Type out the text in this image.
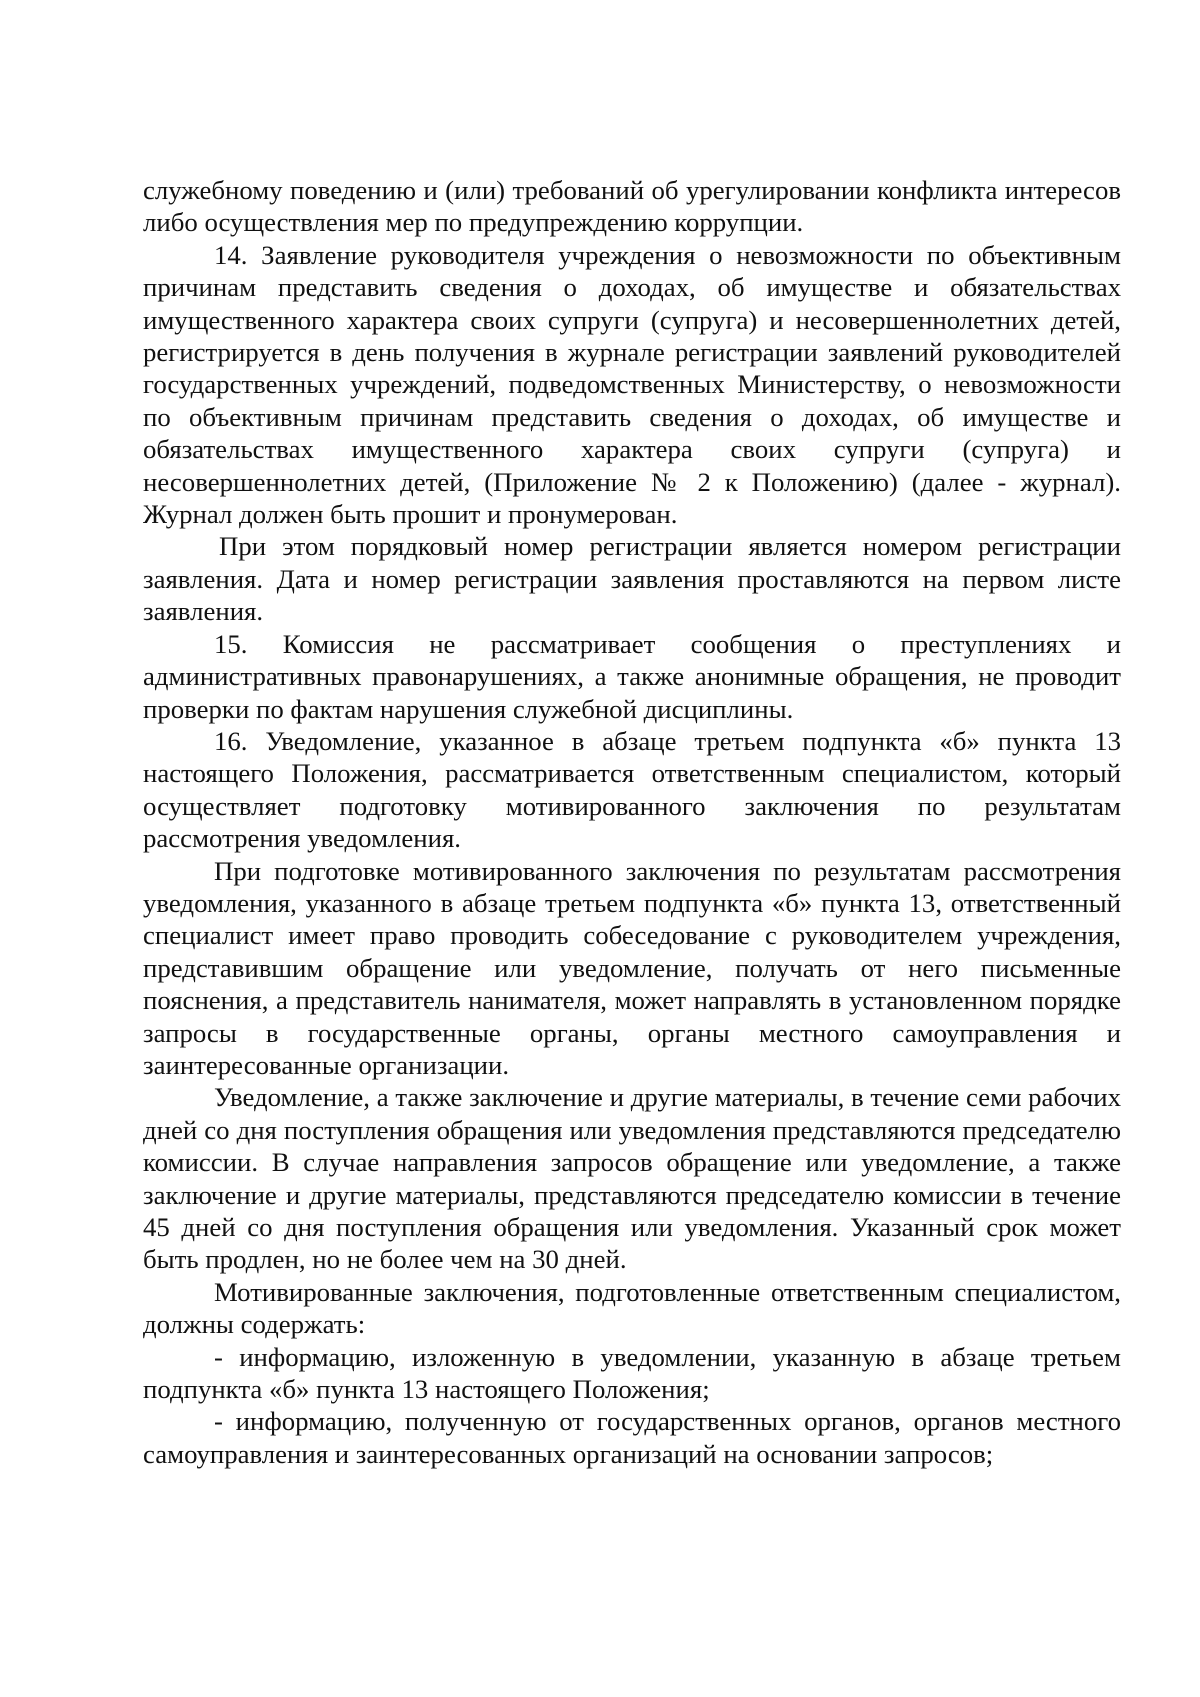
служебному поведению и (или) требований об урегулировании конфликта интересов либо осуществления мер по предупреждению коррупции.

14. Заявление руководителя учреждения о невозможности по объективным причинам представить сведения о доходах, об имуществе и обязательствах имущественного характера своих супруги (супруга) и несовершеннолетних детей, регистрируется в день получения в журнале регистрации заявлений руководителей государственных учреждений, подведомственных Министерству, о невозможности по объективным причинам представить сведения о доходах, об имуществе и обязательствах имущественного характера своих супруги (супруга) и несовершеннолетних детей, (Приложение № 2 к Положению) (далее - журнал). Журнал должен быть прошит и пронумерован.

При этом порядковый номер регистрации является номером регистрации заявления. Дата и номер регистрации заявления проставляются на первом листе заявления.

15. Комиссия не рассматривает сообщения о преступлениях и административных правонарушениях, а также анонимные обращения, не проводит проверки по фактам нарушения служебной дисциплины.

16. Уведомление, указанное в абзаце третьем подпункта «б» пункта 13 настоящего Положения, рассматривается ответственным специалистом, который осуществляет подготовку мотивированного заключения по результатам рассмотрения уведомления.

При подготовке мотивированного заключения по результатам рассмотрения уведомления, указанного в абзаце третьем подпункта «б» пункта 13, ответственный специалист имеет право проводить собеседование с руководителем учреждения, представившим обращение или уведомление, получать от него письменные пояснения, а представитель нанимателя, может направлять в установленном порядке запросы в государственные органы, органы местного самоуправления и заинтересованные организации.

Уведомление, а также заключение и другие материалы, в течение семи рабочих дней со дня поступления обращения или уведомления представляются председателю комиссии. В случае направления запросов обращение или уведомление, а также заключение и другие материалы, представляются председателю комиссии в течение 45 дней со дня поступления обращения или уведомления. Указанный срок может быть продлен, но не более чем на 30 дней.

Мотивированные заключения, подготовленные ответственным специалистом, должны содержать:

- информацию, изложенную в уведомлении, указанную в абзаце третьем подпункта «б» пункта 13 настоящего Положения;

- информацию, полученную от государственных органов, органов местного самоуправления и заинтересованных организаций на основании запросов;
